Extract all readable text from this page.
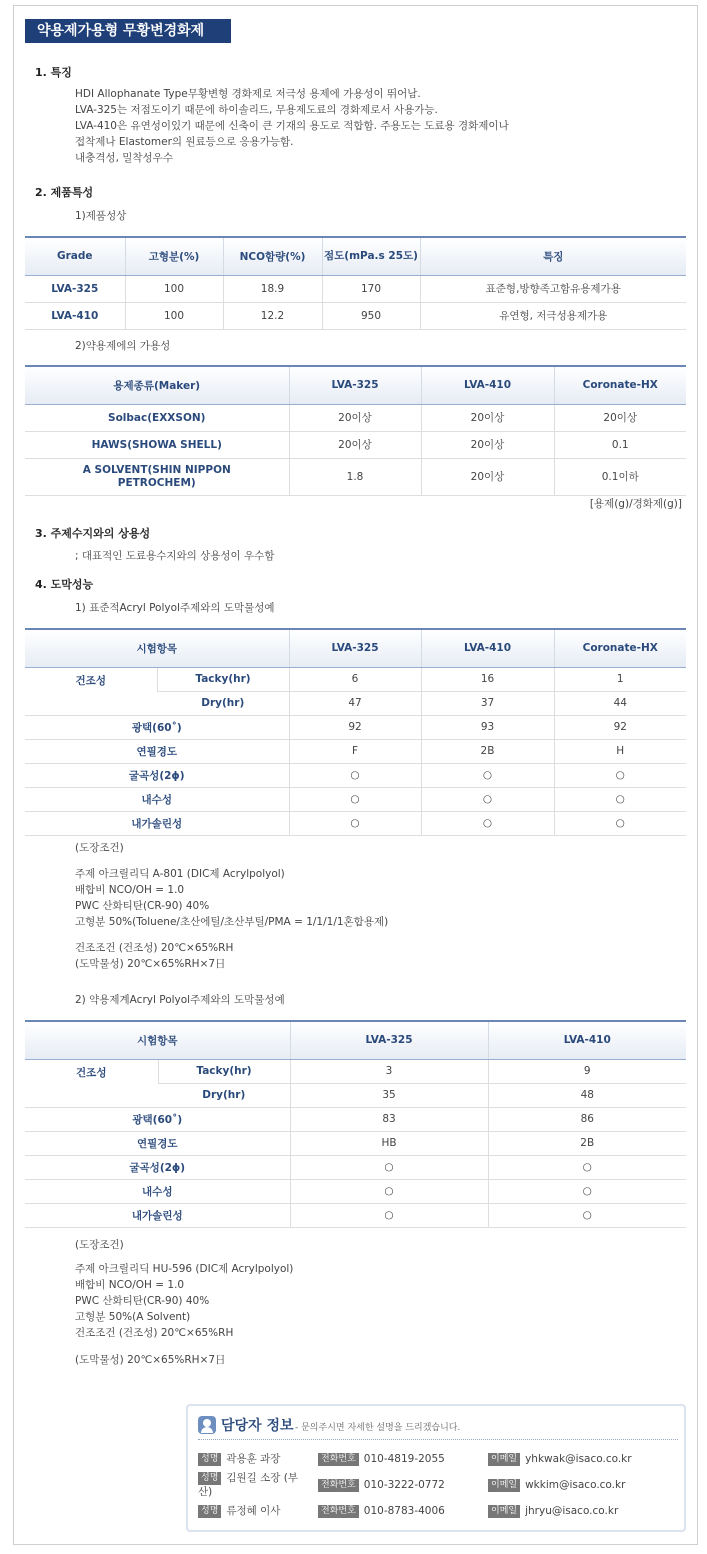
약용제가용형 무황변경화제
1. 특징
HDI Allophanate Type무황변형 경화제로 저극성 용제에 가용성이 뛰어남.
LVA-325는 저점도이기 때문에 하이솔리드, 무용제도료의 경화제로서 사용가능.
LVA-410은 유연성이있기 때문에 신축이 큰 기재의 용도로 적합함. 주용도는 도료용 경화제이나
접착제나 Elastomer의 원료등으로 응용가능함.
내충격성, 밀착성우수
2. 제품특성
1)제품성상
Grade	고형분(%)	NCO함량(%)	점도(mPa.s 25도)	특징
LVA-325	100	18.9	170	표준형,방향족고함유용제가용
LVA-410	100	12.2	950	유연형, 저극성용제가용
2)약용제에의 가용성
용제종류(Maker)	LVA-325	LVA-410	Coronate-HX
Solbac(EXXSON)	20이상	20이상	20이상
HAWS(SHOWA SHELL)	20이상	20이상	0.1
A SOLVENT(SHIN NIPPON PETROCHEM)	1.8	20이상	0.1이하
[용제(g)/경화제(g)]
3. 주제수지와의 상용성
; 대표적인 도료용수지와의 상용성이 우수함
4. 도막성능
1) 표준적Acryl Polyol주제와의 도막물성예
시험항목		LVA-325	LVA-410	Coronate-HX
건조성	Tacky(hr)	6	16	1
	Dry(hr)	47	37	44
광택(60˚)		92	93	92
연필경도		F	2B	H
굴곡성(2ϕ)		○	○	○
내수성		○	○	○
내가솔린성		○	○	○
(도장조건)
주제 아크릴리딕 A-801 (DIC제 Acrylpolyol)
배합비 NCO/OH = 1.0
PWC 산화티탄(CR-90) 40%
고형분 50%(Toluene/초산에틸/초산부틸/PMA = 1/1/1/1혼합용제)
건조조건 (건조성) 20℃×65%RH
(도막물성) 20℃×65%RH×7日
2) 약용제계Acryl Polyol주제와의 도막물성예
시험항목		LVA-325	LVA-410
건조성	Tacky(hr)	3	9
	Dry(hr)	35	48
광택(60˚)		83	86
연필경도		HB	2B
굴곡성(2ϕ)		○	○
내수성		○	○
내가솔린성		○	○
(도장조건)
주제 아크릴리딕 HU-596 (DIC제 Acrylpolyol)
배합비 NCO/OH = 1.0
PWC 산화티탄(CR-90) 40%
고형분 50%(A Solvent)
건조조건 (건조성) 20℃×65%RH
(도막물성) 20℃×65%RH×7日
담당자 정보 - 문의주시면 자세한 설명을 드리겠습니다.
성명 곽용훈 과장	전화번호 010-4819-2055	이메일 yhkwak@isaco.co.kr
성명 김원길 소장 (부산)
전화번호 010-3222-0772	이메일 wkkim@isaco.co.kr
성명 류정혜 이사	전화번호 010-8783-4006	이메일 jhryu@isaco.co.kr
